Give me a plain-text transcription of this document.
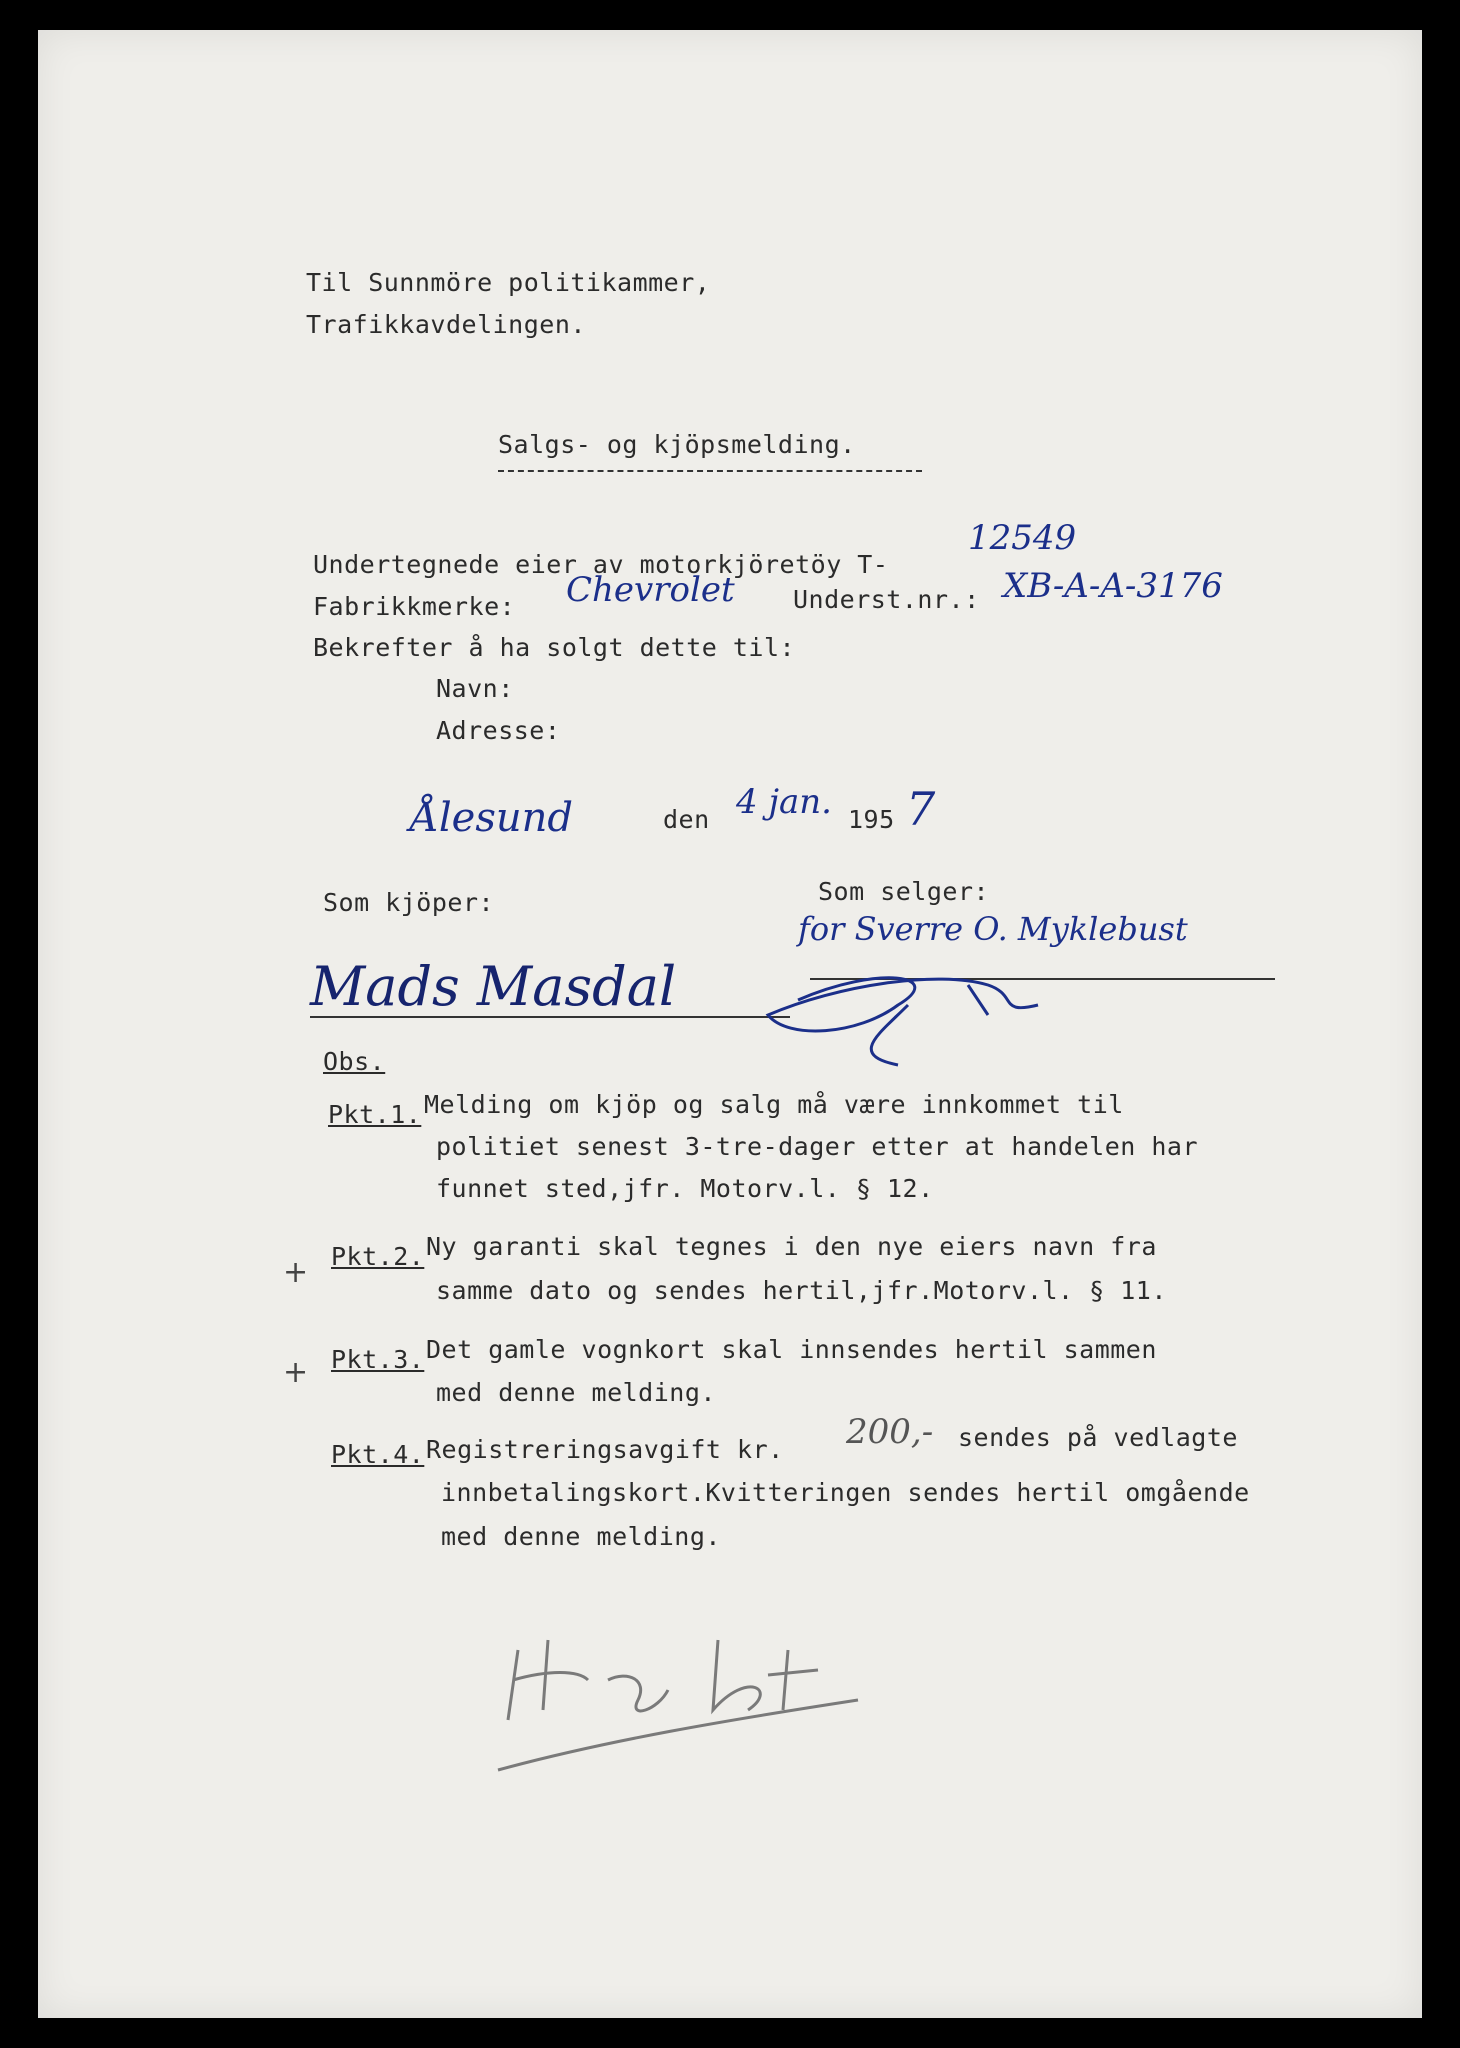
Til Sunnmöre politikammer,
Trafikkavdelingen.
Salgs- og kjöpsmelding.
Undertegnede eier av motorkjöretöy T-
12549
Fabrikkmerke: Chevrolet Underst.nr.: XB-A-A-3176
Bekrefter å ha solgt dette til:
Navn:
Adresse:
Ålesund	den 4 jan. 195 7
Som kjöper:	Som selger:
for Sverre O. Myklebust
Mads Masdal
Obs.
Pkt.1. Melding om kjöp og salg må være innkommet til
politiet senest 3-tre-dager etter at handelen har
funnet sted,jfr. Motorv.l. § 12.
+ Pkt.2. Ny garanti skal tegnes i den nye eiers navn fra
samme dato og sendes hertil,jfr.Motorv.l. § 11.
+ Pkt.3. Det gamle vognkort skal innsendes hertil sammen
med denne melding.
Pkt.4. Registreringsavgift kr. 200,- sendes på vedlagte
innbetalingskort.Kvitteringen sendes hertil omgående
med denne melding.
